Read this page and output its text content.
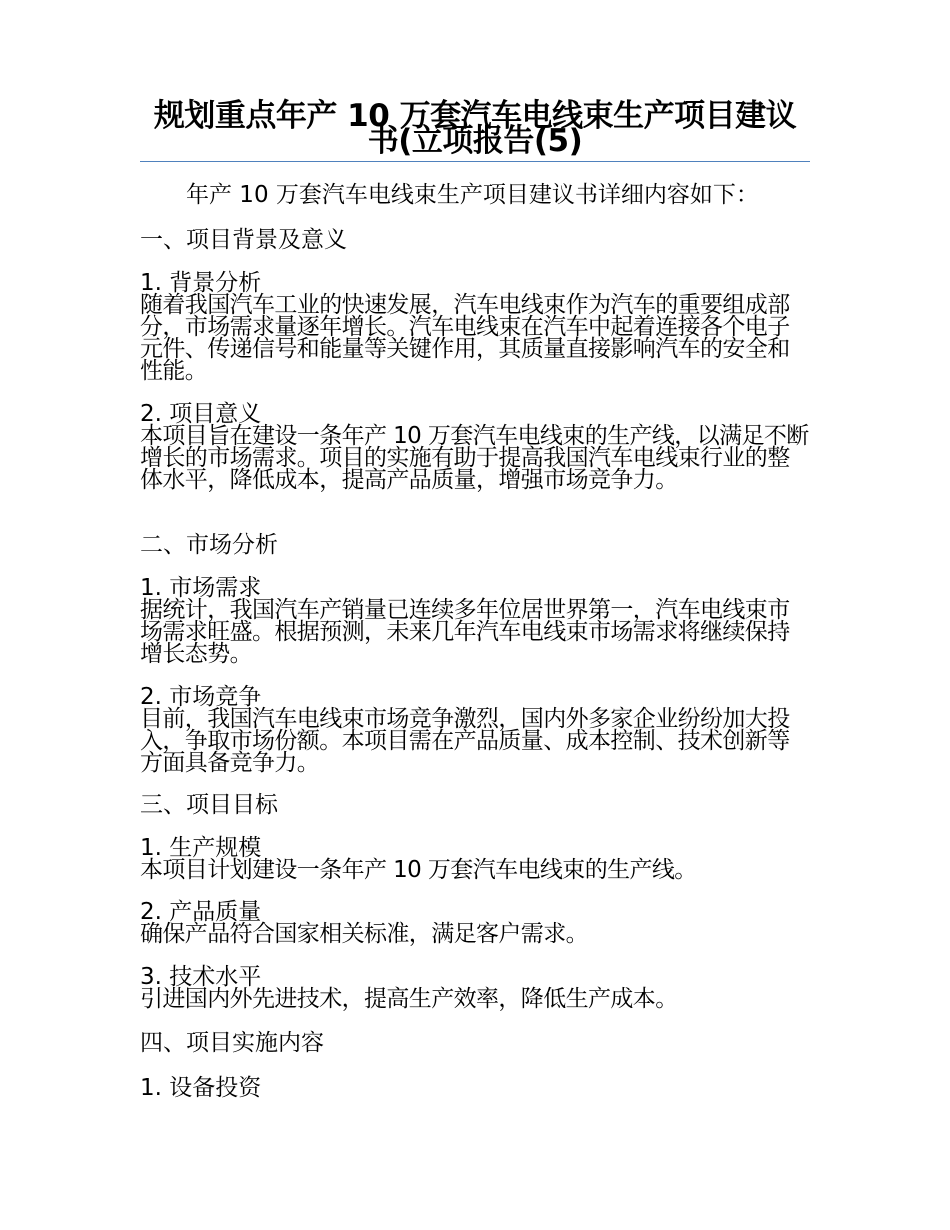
规划重点年产 10 万套汽车电线束生产项目建议书(立项报告(5)

年产 10 万套汽车电线束生产项目建议书详细内容如下：

一、项目背景及意义
1. 背景分析

随着我国汽车工业的快速发展，汽车电线束作为汽车的重要组成部分，市场需求量逐年增长。汽车电线束在汽车中起着连接各个电子元件、传递信号和能量等关键作用，其质量直接影响汽车的安全和性能。

2. 项目意义

本项目旨在建设一条年产 10 万套汽车电线束的生产线，以满足不断增长的市场需求。项目的实施有助于提高我国汽车电线束行业的整体水平，降低成本，提高产品质量，增强市场竞争力。

二、市场分析
1. 市场需求

据统计，我国汽车产销量已连续多年位居世界第一，汽车电线束市场需求旺盛。根据预测，未来几年汽车电线束市场需求将继续保持增长态势。

2. 市场竞争

目前，我国汽车电线束市场竞争激烈，国内外多家企业纷纷加大投入，争取市场份额。本项目需在产品质量、成本控制、技术创新等方面具备竞争力。

三、项目目标
1. 生产规模

本项目计划建设一条年产 10 万套汽车电线束的生产线。

2. 产品质量

确保产品符合国家相关标准，满足客户需求。

3. 技术水平

引进国内外先进技术，提高生产效率，降低生产成本。

四、项目实施内容
1. 设备投资
